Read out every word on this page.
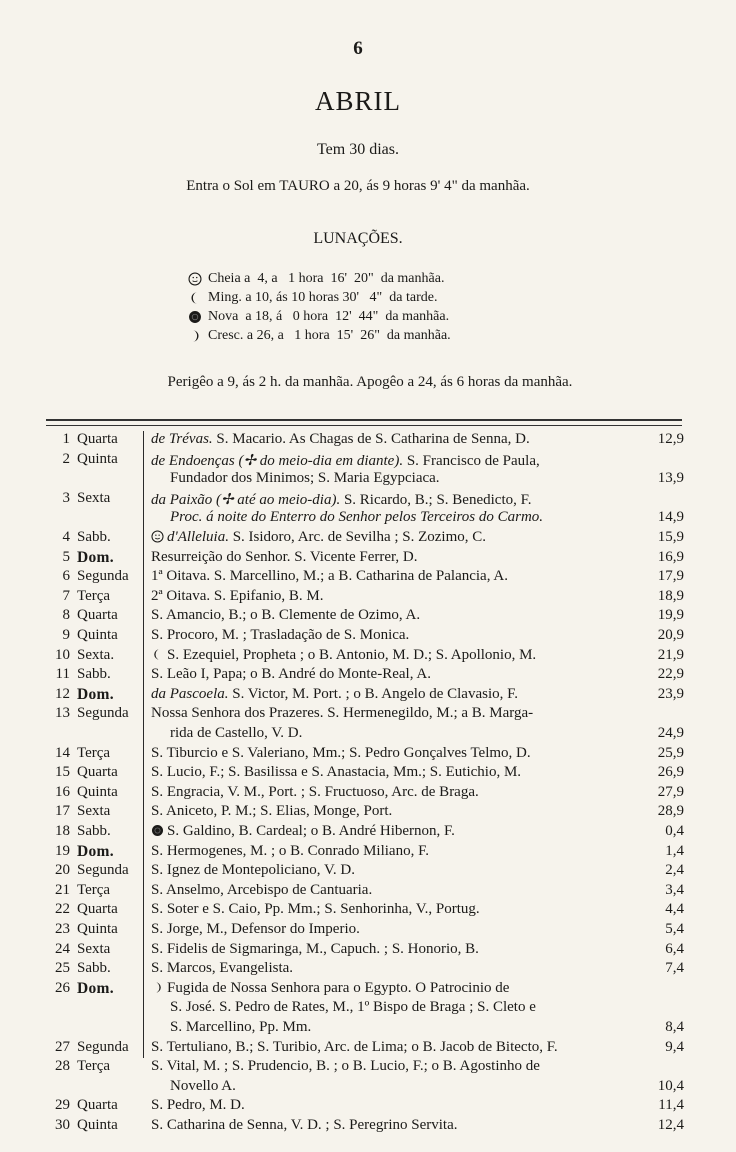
6
ABRIL
Tem 30 dias.
Entra o Sol em TAURO a 20, ás 9 horas 9' 4" da manhãa.
LUNAÇÕES.
Cheia a  4, a   1 hora  16'  20"  da manhãa.
Ming. a 10, ás 10 horas 30'   4"  da tarde.
Nova  a 18, á   0 hora  12'  44"  da manhãa.
Cresc. a 26, a   1 hora  15'  26"  da manhãa.
Perigêo a 9, ás 2 h. da manhãa. Apogêo a 24, ás 6 horas da manhãa.
1 Quarta de Trévas. S. Macario. As Chagas de S. Catharina de Senna, D.	12,9
2 Quinta de Endoenças (✢ do meio-dia em diante). S. Francisco de Paula,
Fundador dos Minimos; S. Maria Egypciaca.	13,9
3 Sexta	da Paixão (✢ até ao meio-dia). S. Ricardo, B.; S. Benedicto, F.
Proc. á noite do Enterro do Senhor pelos Terceiros do Carmo.	14,9
4 Sabb.	d'Alleluia. S. Isidoro, Arc. de Sevilha ; S. Zozimo, C.	15,9
5 Dom. Resurreição do Senhor. S. Vicente Ferrer, D.	16,9
6 Segunda 1ª Oitava. S. Marcellino, M.; a B. Catharina de Palancia, A.	17,9
7 Terça	2ª Oitava. S. Epifanio, B. M.	18,9
8 Quarta S. Amancio, B.; o B. Clemente de Ozimo, A.	19,9
9 Quinta S. Procoro, M. ; Trasladação de S. Monica.	20,9
10 Sexta.	S. Ezequiel, Propheta ; o B. Antonio, M. D.; S. Apollonio, M.	21,9
11 Sabb.	S. Leão I, Papa; o B. André do Monte-Real, A.	22,9
12 Dom. da Pascoela. S. Victor, M. Port. ; o B. Angelo de Clavasio, F.	23,9
13 Segunda Nossa Senhora dos Prazeres. S. Hermenegildo, M.; a B. Marga-
rida de Castello, V. D.	24,9
14 Terça	S. Tiburcio e S. Valeriano, Mm.; S. Pedro Gonçalves Telmo, D.	25,9
15 Quarta S. Lucio, F.; S. Basilissa e S. Anastacia, Mm.; S. Eutichio, M.	26,9
16 Quinta S. Engracia, V. M., Port. ; S. Fructuoso, Arc. de Braga.	27,9
17 Sexta	S. Aniceto, P. M.; S. Elias, Monge, Port.	28,9
18 Sabb.	S. Galdino, B. Cardeal; o B. André Hibernon, F.	0,4
19 Dom. S. Hermogenes, M. ; o B. Conrado Miliano, F.	1,4
20 Segunda S. Ignez de Montepoliciano, V. D.	2,4
21 Terça	S. Anselmo, Arcebispo de Cantuaria.	3,4
22 Quarta S. Soter e S. Caio, Pp. Mm.; S. Senhorinha, V., Portug.	4,4
23 Quinta S. Jorge, M., Defensor do Imperio.	5,4
24 Sexta	S. Fidelis de Sigmaringa, M., Capuch. ; S. Honorio, B.	6,4
25 Sabb.	S. Marcos, Evangelista.	7,4
26 Dom.	Fugida de Nossa Senhora para o Egypto. O Patrocinio de
S. José. S. Pedro de Rates, M., 1º Bispo de Braga ; S. Cleto e
S. Marcellino, Pp. Mm.	8,4
27 Segunda S. Tertuliano, B.; S. Turibio, Arc. de Lima; o B. Jacob de Bitecto, F.	9,4
28 Terça	S. Vital, M. ; S. Prudencio, B. ; o B. Lucio, F.; o B. Agostinho de
Novello A.	10,4
29 Quarta S. Pedro, M. D.	11,4
30 Quinta S. Catharina de Senna, V. D. ; S. Peregrino Servita.	12,4
